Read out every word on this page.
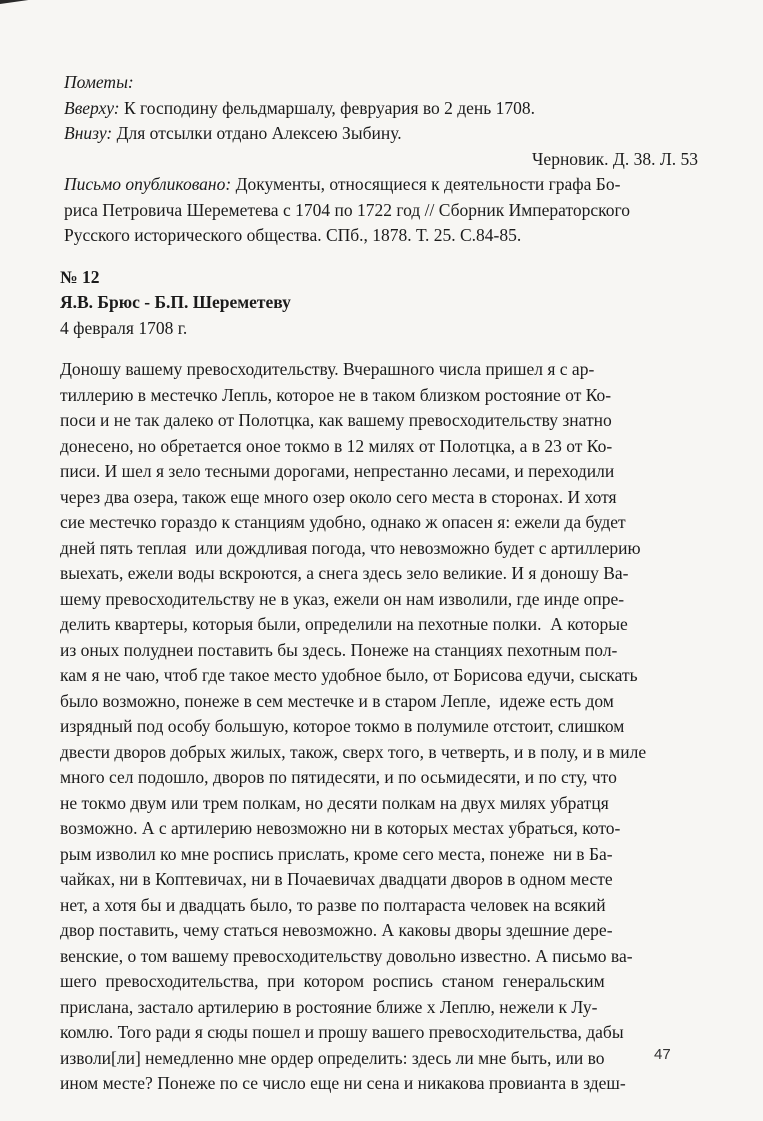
Пометы:

Вверху: К господину фельдмаршалу, февруария во 2 день 1708.

Внизу: Для отсылки отдано Алексею Зыбину.

Черновик. Д. 38. Л. 53

Письмо опубликовано: Документы, относящиеся к деятельности графа Бо-

риса Петровича Шереметева с 1704 по 1722 год // Сборник Императорского

Русского исторического общества. СПб., 1878. Т. 25. С.84-85.

№ 12

Я.В. Брюс - Б.П. Шереметеву

4 февраля 1708 г.

Доношу вашему превосходительству. Вчерашного числа пришел я с ар-

тиллерию в местечко Лепль, которое не в таком близком ростояние от Ко-

поси и не так далеко от Полотцка, как вашему превосходительству знатно

донесено, но обретается оное токмо в 12 милях от Полотцка, а в 23 от Ко-

писи. И шел я зело тесными дорогами, непрестанно лесами, и переходили

через два озера, також еще много озер около сего места в сторонах. И хотя

сие местечко гораздо к станциям удобно, однако ж опасен я: ежели да будет

дней пять теплая  или дождливая погода, что невозможно будет с артиллерию

выехать, ежели воды вскроются, а снега здесь зело великие. И я доношу Ва-

шему превосходительству не в указ, ежели он нам изволили, где инде опре-

делить квартеры, которыя были, определили на пехотные полки.  А которые

из оных полуднеи поставить бы здесь. Понеже на станциях пехотным пол-

кам я не чаю, чтоб где такое место удобное было, от Борисова едучи, сыскать

было возможно, понеже в сем местечке и в старом Лепле,  идеже есть дом

изрядный под особу большую, которое токмо в полумиле отстоит, слишком

двести дворов добрых жилых, також, сверх того, в четверть, и в полу, и в миле

много сел подошло, дворов по пятидесяти, и по осьмидесяти, и по сту, что

не токмо двум или трем полкам, но десяти полкам на двух милях убратця

возможно. А с артилерию невозможно ни в которых местах убраться, кото-

рым изволил ко мне роспись прислать, кроме сего места, понеже  ни в Ба-

чайках, ни в Коптевичах, ни в Почаевичах двадцати дворов в одном месте

нет, а хотя бы и двадцать было, то разве по полтараста человек на всякий

двор поставить, чему статься невозможно. А каковы дворы здешние дере-

венские, о том вашему превосходительству довольно известно. А письмо ва-

шего  превосходительства,  при  котором  роспись  станом  генеральским

прислана, застало артилерию в ростояние ближе х Леплю, нежели к Лу-

комлю. Того ради я сюды пошел и прошу вашего превосходительства, дабы

изволи[ли] немедленно мне ордер определить: здесь ли мне быть, или во

ином месте? Понеже по се число еще ни сена и никакова провианта в здеш-

47
